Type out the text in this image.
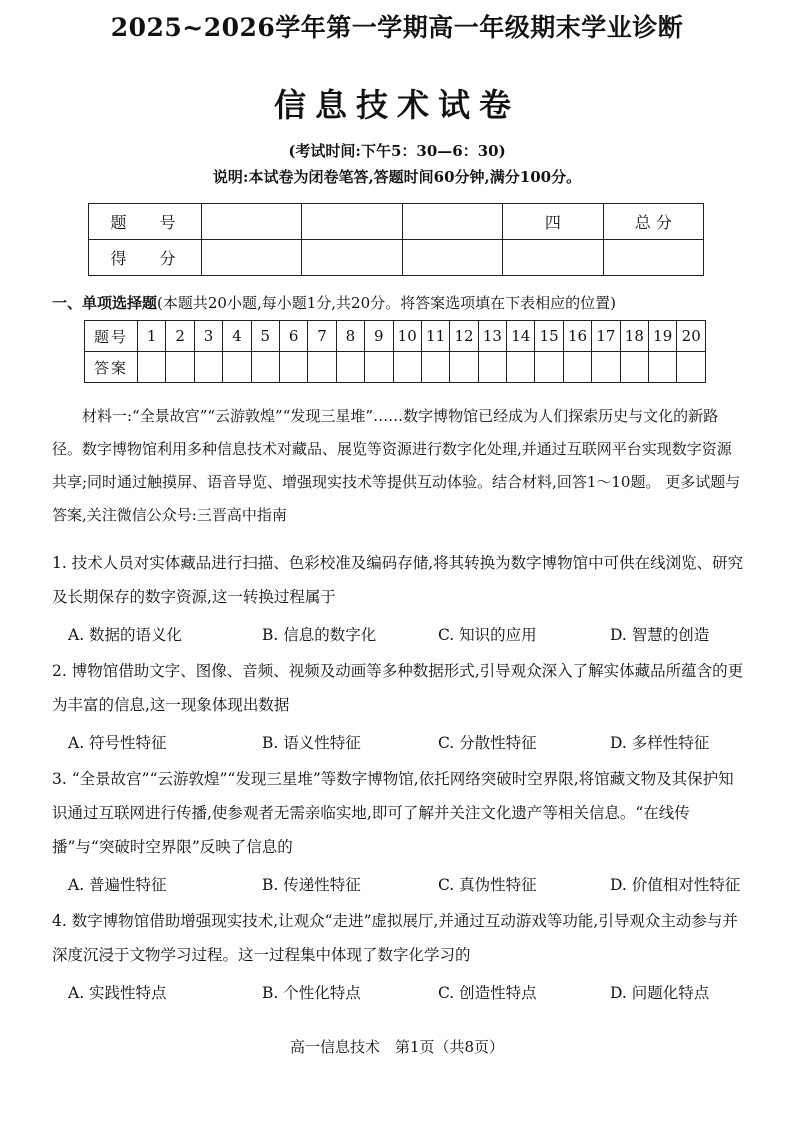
2025~2026学年第一学期高一年级期末学业诊断
信息技术试卷
(考试时间:下午5：30—6：30)
说明:本试卷为闭卷笔答,答题时间60分钟,满分100分。
题 号				四	总 分
得 分					
一、单项选择题(本题共20小题,每小题1分,共20分。将答案选项填在下表相应的位置)
题号	1	2	3	4	5	6	7	8	9	10	11	12	13	14	15	16	17	18	19	20
答案																				
材料一:“全景故宫”“云游敦煌”“发现三星堆”……数字博物馆已经成为人们探索历史与文化的新路径。数字博物馆利用多种信息技术对藏品、展览等资源进行数字化处理,并通过互联网平台实现数字资源共享;同时通过触摸屏、语音导览、增强现实技术等提供互动体验。结合材料,回答1～10题。 更多试题与答案,关注微信公众号:三晋高中指南
1. 技术人员对实体藏品进行扫描、色彩校准及编码存储,将其转换为数字博物馆中可供在线浏览、研究及长期保存的数字资源,这一转换过程属于
A. 数据的语义化	B. 信息的数字化	C. 知识的应用	D. 智慧的创造
2. 博物馆借助文字、图像、音频、视频及动画等多种数据形式,引导观众深入了解实体藏品所蕴含的更为丰富的信息,这一现象体现出数据
A. 符号性特征	B. 语义性特征	C. 分散性特征	D. 多样性特征
3. “全景故宫”“云游敦煌”“发现三星堆”等数字博物馆,依托网络突破时空界限,将馆藏文物及其保护知识通过互联网进行传播,使参观者无需亲临实地,即可了解并关注文化遗产等相关信息。“在线传播”与“突破时空界限”反映了信息的
A. 普遍性特征	B. 传递性特征	C. 真伪性特征	D. 价值相对性特征
4. 数字博物馆借助增强现实技术,让观众“走进”虚拟展厅,并通过互动游戏等功能,引导观众主动参与并深度沉浸于文物学习过程。这一过程集中体现了数字化学习的
A. 实践性特点	B. 个性化特点	C. 创造性特点	D. 问题化特点
高一信息技术　第1页（共8页）
